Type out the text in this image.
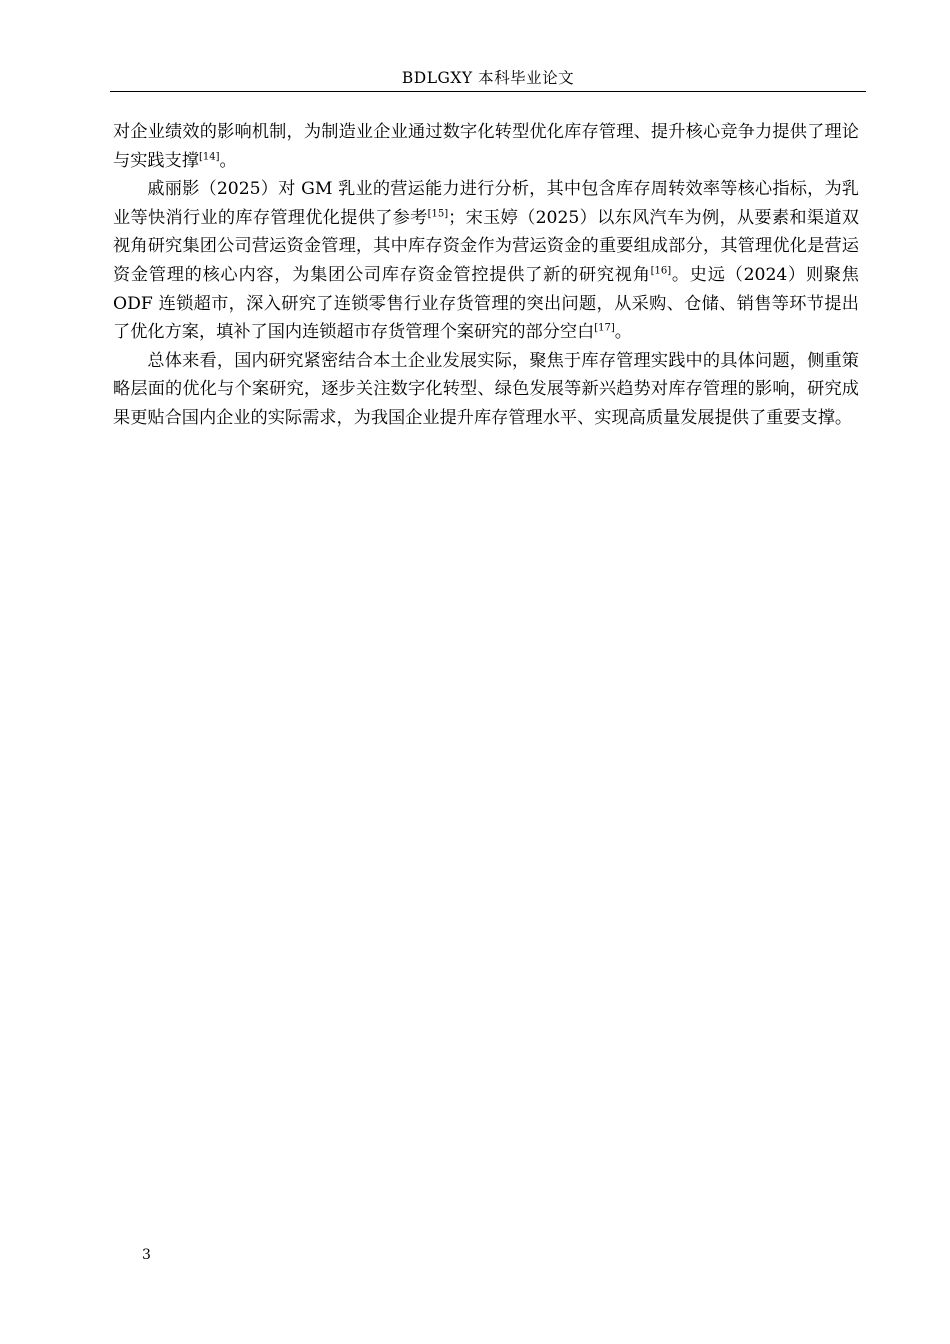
BDLGXY 本科毕业论文

对企业绩效的影响机制，为制造业企业通过数字化转型优化库存管理、提升核心竞争力提供了理论与实践支撑[14]。

戚丽影（2025）对 GM 乳业的营运能力进行分析，其中包含库存周转效率等核心指标，为乳业等快消行业的库存管理优化提供了参考[15]；宋玉婷（2025）以东风汽车为例，从要素和渠道双视角研究集团公司营运资金管理，其中库存资金作为营运资金的重要组成部分，其管理优化是营运资金管理的核心内容，为集团公司库存资金管控提供了新的研究视角[16]。史远（2024）则聚焦 ODF 连锁超市，深入研究了连锁零售行业存货管理的突出问题，从采购、仓储、销售等环节提出了优化方案，填补了国内连锁超市存货管理个案研究的部分空白[17]。

总体来看，国内研究紧密结合本土企业发展实际，聚焦于库存管理实践中的具体问题，侧重策略层面的优化与个案研究，逐步关注数字化转型、绿色发展等新兴趋势对库存管理的影响，研究成果更贴合国内企业的实际需求，为我国企业提升库存管理水平、实现高质量发展提供了重要支撑。

3
